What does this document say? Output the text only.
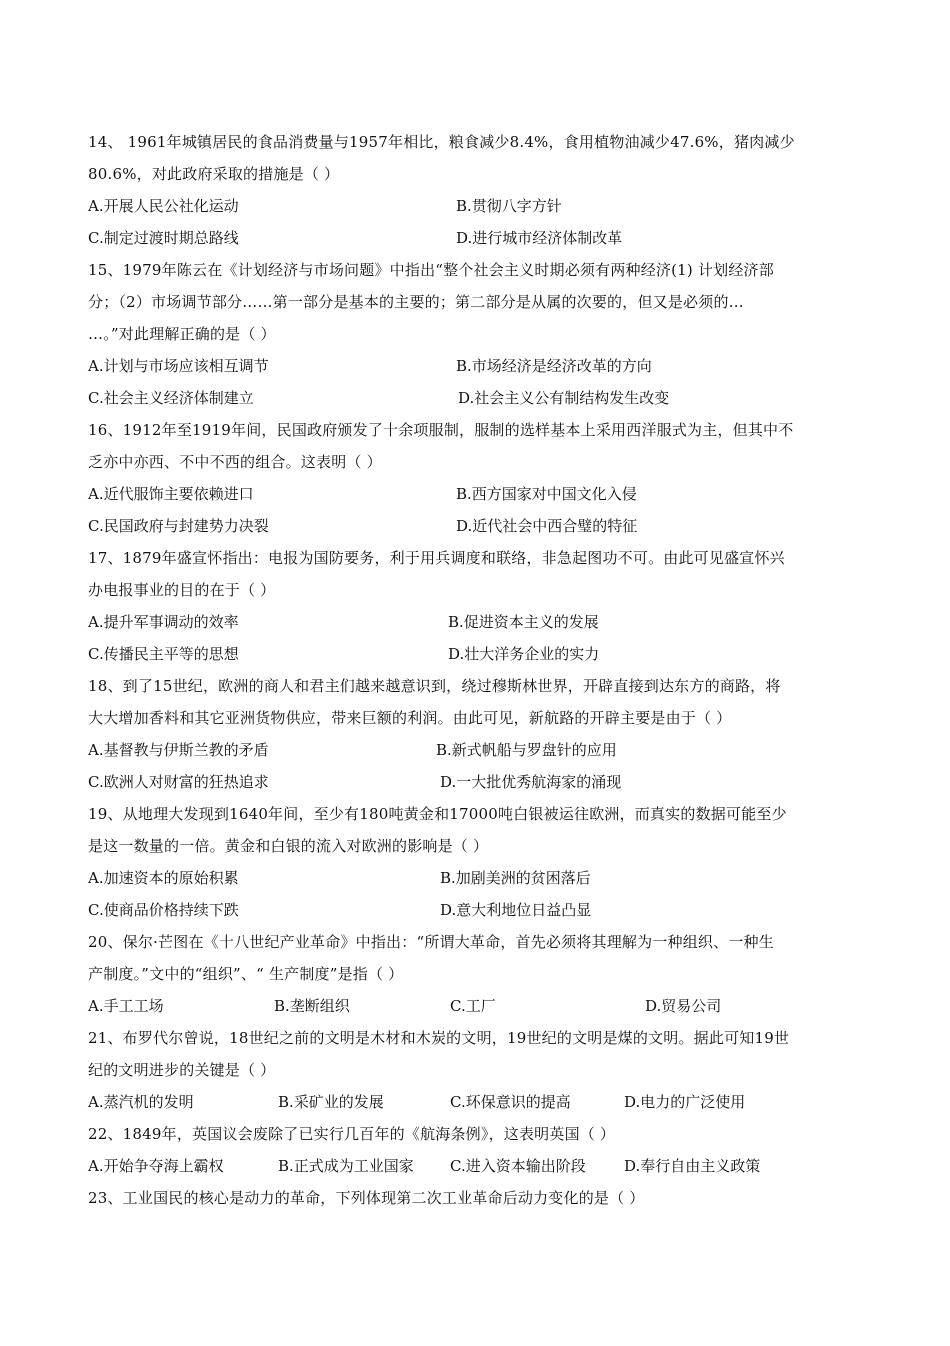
14、 1961年城镇居民的食品消费量与1957年相比，粮食减少8.4%，食用植物油减少47.6%，猪肉减少
80.6%，对此政府采取的措施是（ ）
A.开展人民公社化运动	B.贯彻八字方针
C.制定过渡时期总路线	D.进行城市经济体制改革
15、1979年陈云在《计划经济与市场问题》中指出“整个社会主义时期必须有两种经济(1) 计划经济部
分；（2）市场调节部分……第一部分是基本的主要的；第二部分是从属的次要的，但又是必须的…
…。”对此理解正确的是（ ）
A.计划与市场应该相互调节	B.市场经济是经济改革的方向
C.社会主义经济体制建立	D.社会主义公有制结构发生改变
16、1912年至1919年间，民国政府颁发了十余项服制，服制的选样基本上采用西洋服式为主，但其中不
乏亦中亦西、不中不西的组合。这表明（ ）
A.近代服饰主要依赖进口	B.西方国家对中国文化入侵
C.民国政府与封建势力决裂	D.近代社会中西合璧的特征
17、1879年盛宣怀指出：电报为国防要务，利于用兵调度和联络，非急起图功不可。由此可见盛宣怀兴
办电报事业的目的在于（ ）
A.提升军事调动的效率	B.促进资本主义的发展
C.传播民主平等的思想	D.壮大洋务企业的实力
18、到了15世纪，欧洲的商人和君主们越来越意识到，绕过穆斯林世界，开辟直接到达东方的商路，将
大大增加香料和其它亚洲货物供应，带来巨额的利润。由此可见，新航路的开辟主要是由于（ ）
A.基督教与伊斯兰教的矛盾	B.新式帆船与罗盘针的应用
C.欧洲人对财富的狂热追求	D.一大批优秀航海家的涌现
19、从地理大发现到1640年间，至少有180吨黄金和17000吨白银被运往欧洲，而真实的数据可能至少
是这一数量的一倍。黄金和白银的流入对欧洲的影响是（ ）
A.加速资本的原始积累	B.加剧美洲的贫困落后
C.使商品价格持续下跌	D.意大利地位日益凸显
20、保尔·芒图在《十八世纪产业革命》中指出：“所谓大革命，首先必须将其理解为一种组织、一种生
产制度。”文中的“组织”、“ 生产制度”是指（ ）
A.手工工场	B.垄断组织	C.工厂	D.贸易公司
21、布罗代尔曾说，18世纪之前的文明是木材和木炭的文明，19世纪的文明是煤的文明。据此可知19世
纪的文明进步的关键是（ ）
A.蒸汽机的发明	B.采矿业的发展	C.环保意识的提高	D.电力的广泛使用
22、1849年，英国议会废除了已实行几百年的《航海条例》，这表明英国（ ）
A.开始争夺海上霸权	B.正式成为工业国家 C.进入资本输出阶段	D.奉行自由主义政策
23、工业国民的核心是动力的革命，下列体现第二次工业革命后动力变化的是（ ）
